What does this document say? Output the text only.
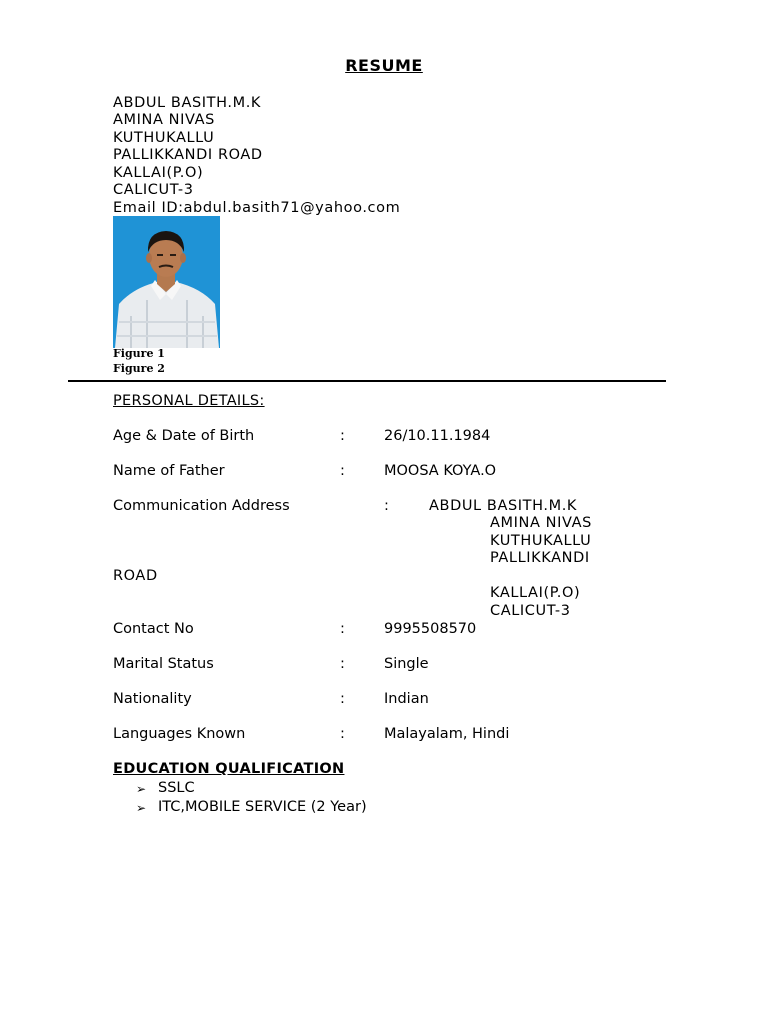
RESUME
ABDUL BASITH.M.K
AMINA NIVAS
KUTHUKALLU
PALLIKKANDI ROAD
KALLAI(P.O)
CALICUT-3
Email ID:abdul.basith71@yahoo.com
Figure 1
Figure 2
PERSONAL DETAILS:
Age & Date of Birth	:	26/10.11.1984
Name of Father	:	MOOSA KOYA.O
Communication Address	:	ABDUL BASITH.M.K
AMINA NIVAS
KUTHUKALLU
PALLIKKANDI
ROAD
KALLAI(P.O)
CALICUT-3
Contact No	:	9995508570
Marital Status	:	Single
Nationality	:	Indian
Languages Known	:	Malayalam, Hindi
EDUCATION QUALIFICATION
➢ SSLC
➢ ITC,MOBILE SERVICE (2 Year)
